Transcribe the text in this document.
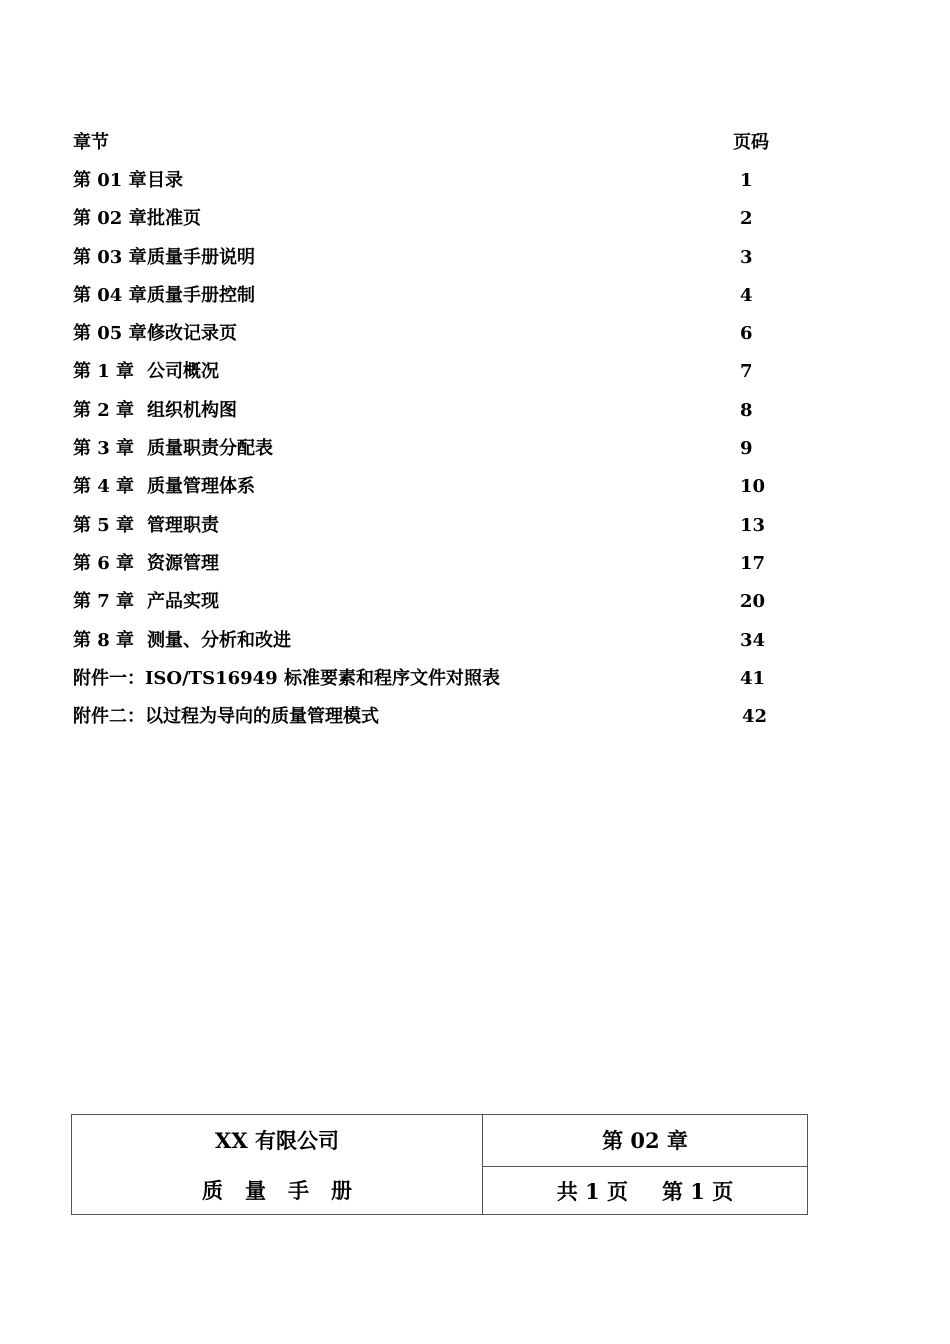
章节	页码
第 01 章 目录	1
第 02 章 批准页	2
第 03 章 质量手册说明	3
第 04 章 质量手册控制	4
第 05 章 修改记录页	6
第 1 章 公司概况	7
第 2 章 组织机构图	8
第 3 章 质量职责分配表	9
第 4 章 质量管理体系	10
第 5 章 管理职责	13
第 6 章 资源管理	17
第 7 章 产品实现	20
第 8 章 测量、分析和改进	34
附件一：ISO/TS16949 标准要素和程序文件对照表	41
附件二：以过程为导向的质量管理模式	42
XX 有限公司
质量手册
第 02 章
共 1 页 第 1 页
